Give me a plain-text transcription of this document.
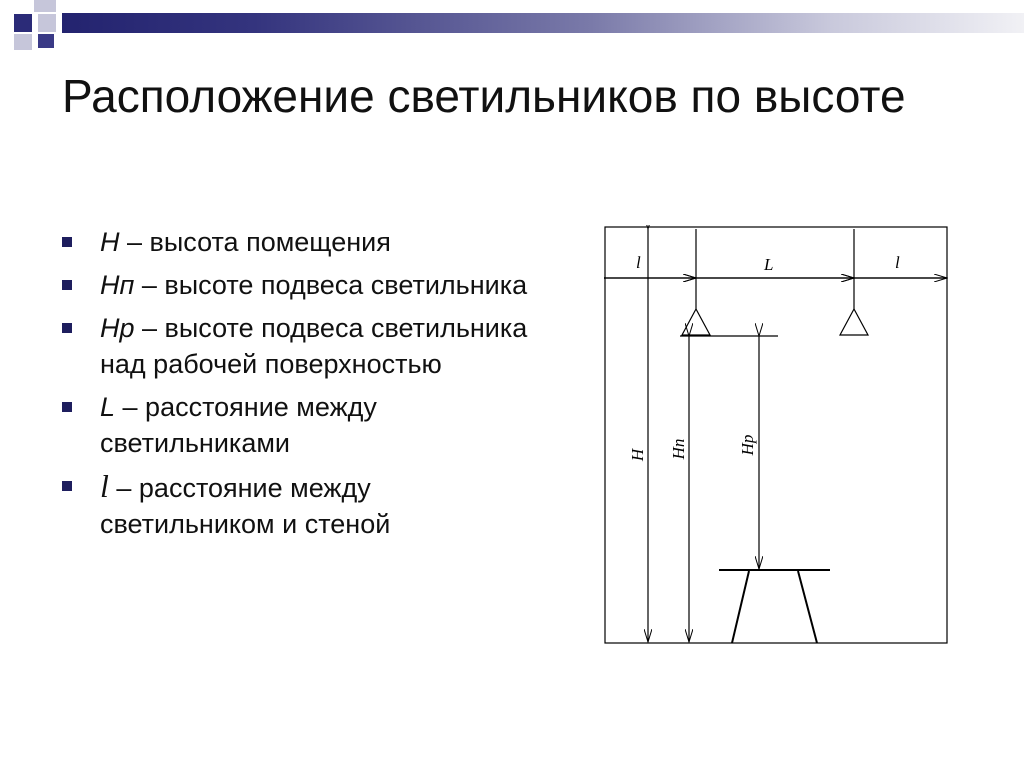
Расположение светильников по высоте
H – высота помещения
Hп – высоте подвеса светильника
Hр – высоте подвеса светильника над рабочей поверхностью
L – расстояние между светильниками
l – расстояние между светильником и стеной
l	L	l
H Hп	Hр
